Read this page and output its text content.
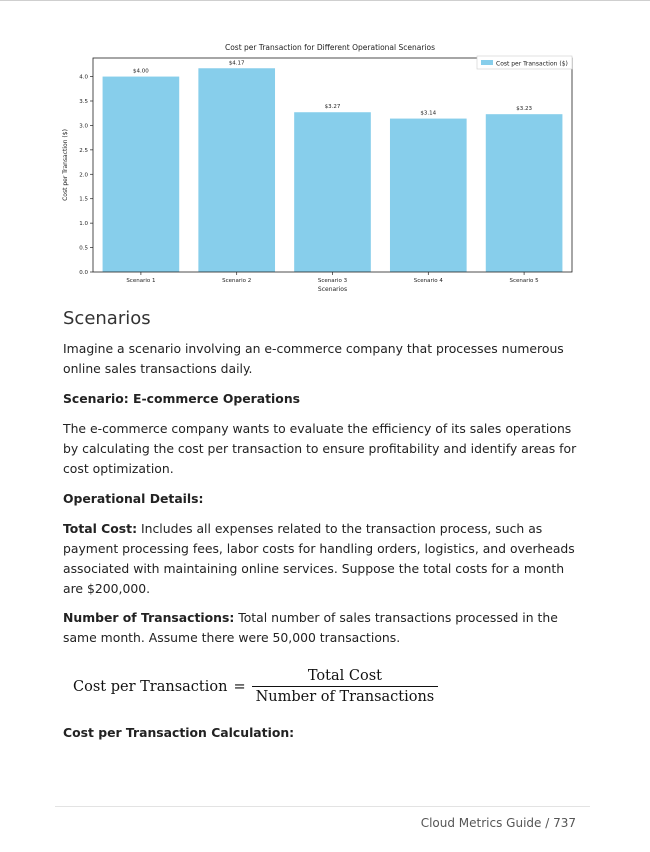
Cost per Transaction for Different Operational Scenarios
$4.00
$4.17
$3.27
$3.14
$3.23
Scenario 1	Scenario 2	Scenario 3	Scenario 4	Scenario 5
0.0
0.5
1.0
1.5
2.0
2.5
3.0
3.5
4.0
Cost per Transaction ($)
Scenarios
Cost per Transaction ($)
Scenarios

Imagine a scenario involving an e-commerce company that processes numerous online sales transactions daily.

Scenario: E-commerce Operations

The e-commerce company wants to evaluate the efficiency of its sales operations by calculating the cost per transaction to ensure profitability and identify areas for cost optimization.

Operational Details:

Total Cost: Includes all expenses related to the transaction process, such as payment processing fees, labor costs for handling orders, logistics, and overheads associated with maintaining online services. Suppose the total costs for a month are $200,000.

Number of Transactions: Total number of sales transactions processed in the same month. Assume there were 50,000 transactions.

Cost per Transaction = $\frac{\text{Total Cost}}{\text{Number of Transactions}}$

Cost per Transaction Calculation:

Cloud Metrics Guide / 737
